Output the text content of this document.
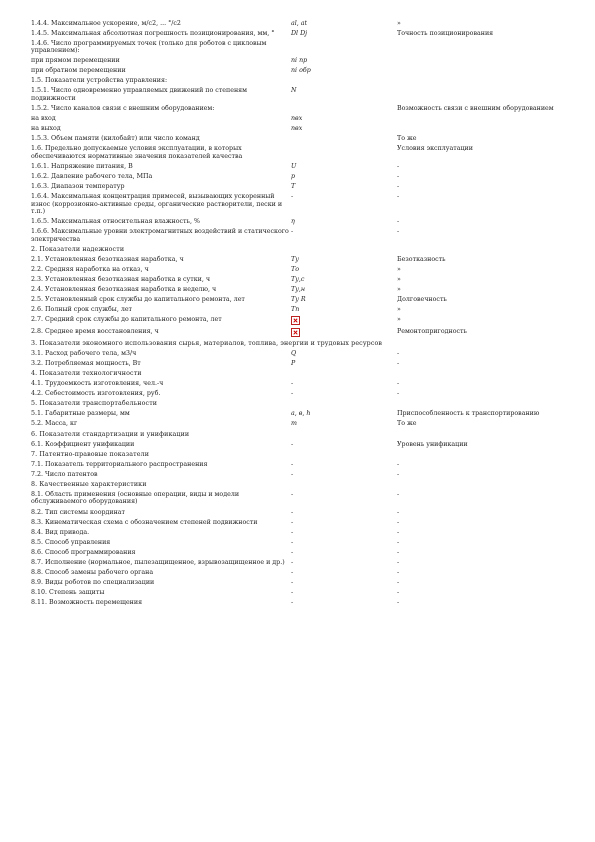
1.4.4. Максимальное ускорение, м/с2, ... °/с2	аl, аt	»
1.4.5. Максимальная абсолютная погрешность позиционирования, мм, °	Dl Dj	Точность позиционирования
1.4.6. Число программируемых точек (только для роботов с цикловым управлением):		
при прямом перемещении	ni пр	
при обратном перемещении	ni обр	
1.5. Показатели устройства управления:		
1.5.1. Число одновременно управляемых движений по степеням подвижности	N	
1.5.2. Число каналов связи с внешним оборудованием:		Возможность связи с внешним оборудованием
на вход	nвх	
на выход	nвх	
1.5.3. Объем памяти (килобайт) или число команд		То же
1.6. Предельно допускаемые условия эксплуатации, в которых обеспечиваются нормативные значения показателей качества		Условия эксплуатации
1.6.1. Напряжение питания, В	U	-
1.6.2. Давление рабочего тела, МПа	р	-
1.6.3. Диапазон температур	Т	-
1.6.4. Максимальная концентрация примесей, вызывающих ускоренный износ (коррозионно-активные среды, органические растворители, пески и т.п.)	-	-
1.6.5. Максимальная относительная влажность, %	η	-
1.6.6. Максимальные уровни электромагнитных воздействий и статического электричества	-	-
2. Показатели надежности		
2.1. Установленная безотказная наработка, ч	Ту	Безотказность
2.2. Средняя наработка на отказ, ч	То	»
2.3. Установленная безотказная наработка в сутки, ч	Ту,с	»
2.4. Установленная безотказная наработка в неделю, ч	Ту,н	»
2.5. Установленный срок службы до капитального ремонта, лет	Ту R	Долговечность
2.6. Полный срок службы, лет	Тп	»
2.7. Средний срок службы до капитального ремонта, лет		»
2.8. Среднее время восстановления, ч		Ремонтопригодность
3. Показатели экономного использования сырья, материалов, топлива, энергии и трудовых ресурсов		
3.1. Расход рабочего тела, м3/ч	Q	-
3.2. Потребляемая мощность, Вт	Р	-
4. Показатели технологичности		
4.1. Трудоемкость изготовления, чел.-ч	-	-
4.2. Себестоимость изготовления, руб.	-	-
5. Показатели транспортабельности		
5.1. Габаритные размеры, мм	а, в, h	Приспособленность к транспортированию
5.2. Масса, кг	m	То же
6. Показатели стандартизации и унификации		
6.1. Коэффициент унификации	-	Уровень унификации
7. Патентно-правовые показатели		
7.1. Показатель территориального распространения	-	-
7.2. Число патентов	-	-
8. Качественные характеристики		
8.1. Область применения (основные операции, виды и модели обслуживаемого оборудования)	-	-
8.2. Тип системы координат	-	-
8.3. Кинематическая схема с обозначением степеней подвижности	-	-
8.4. Вид привода.	-	-
8.5. Способ управления	-	-
8.6. Способ программирования	-	-
8.7. Исполнение (нормальное, пылезащищенное, взрывозащищенное и др.)	-	-
8.8. Способ замены рабочего органа	-	-
8.9. Виды роботов по специализации	-	-
8.10. Степень защиты	-	-
8.11. Возможность перемещения	-	-
